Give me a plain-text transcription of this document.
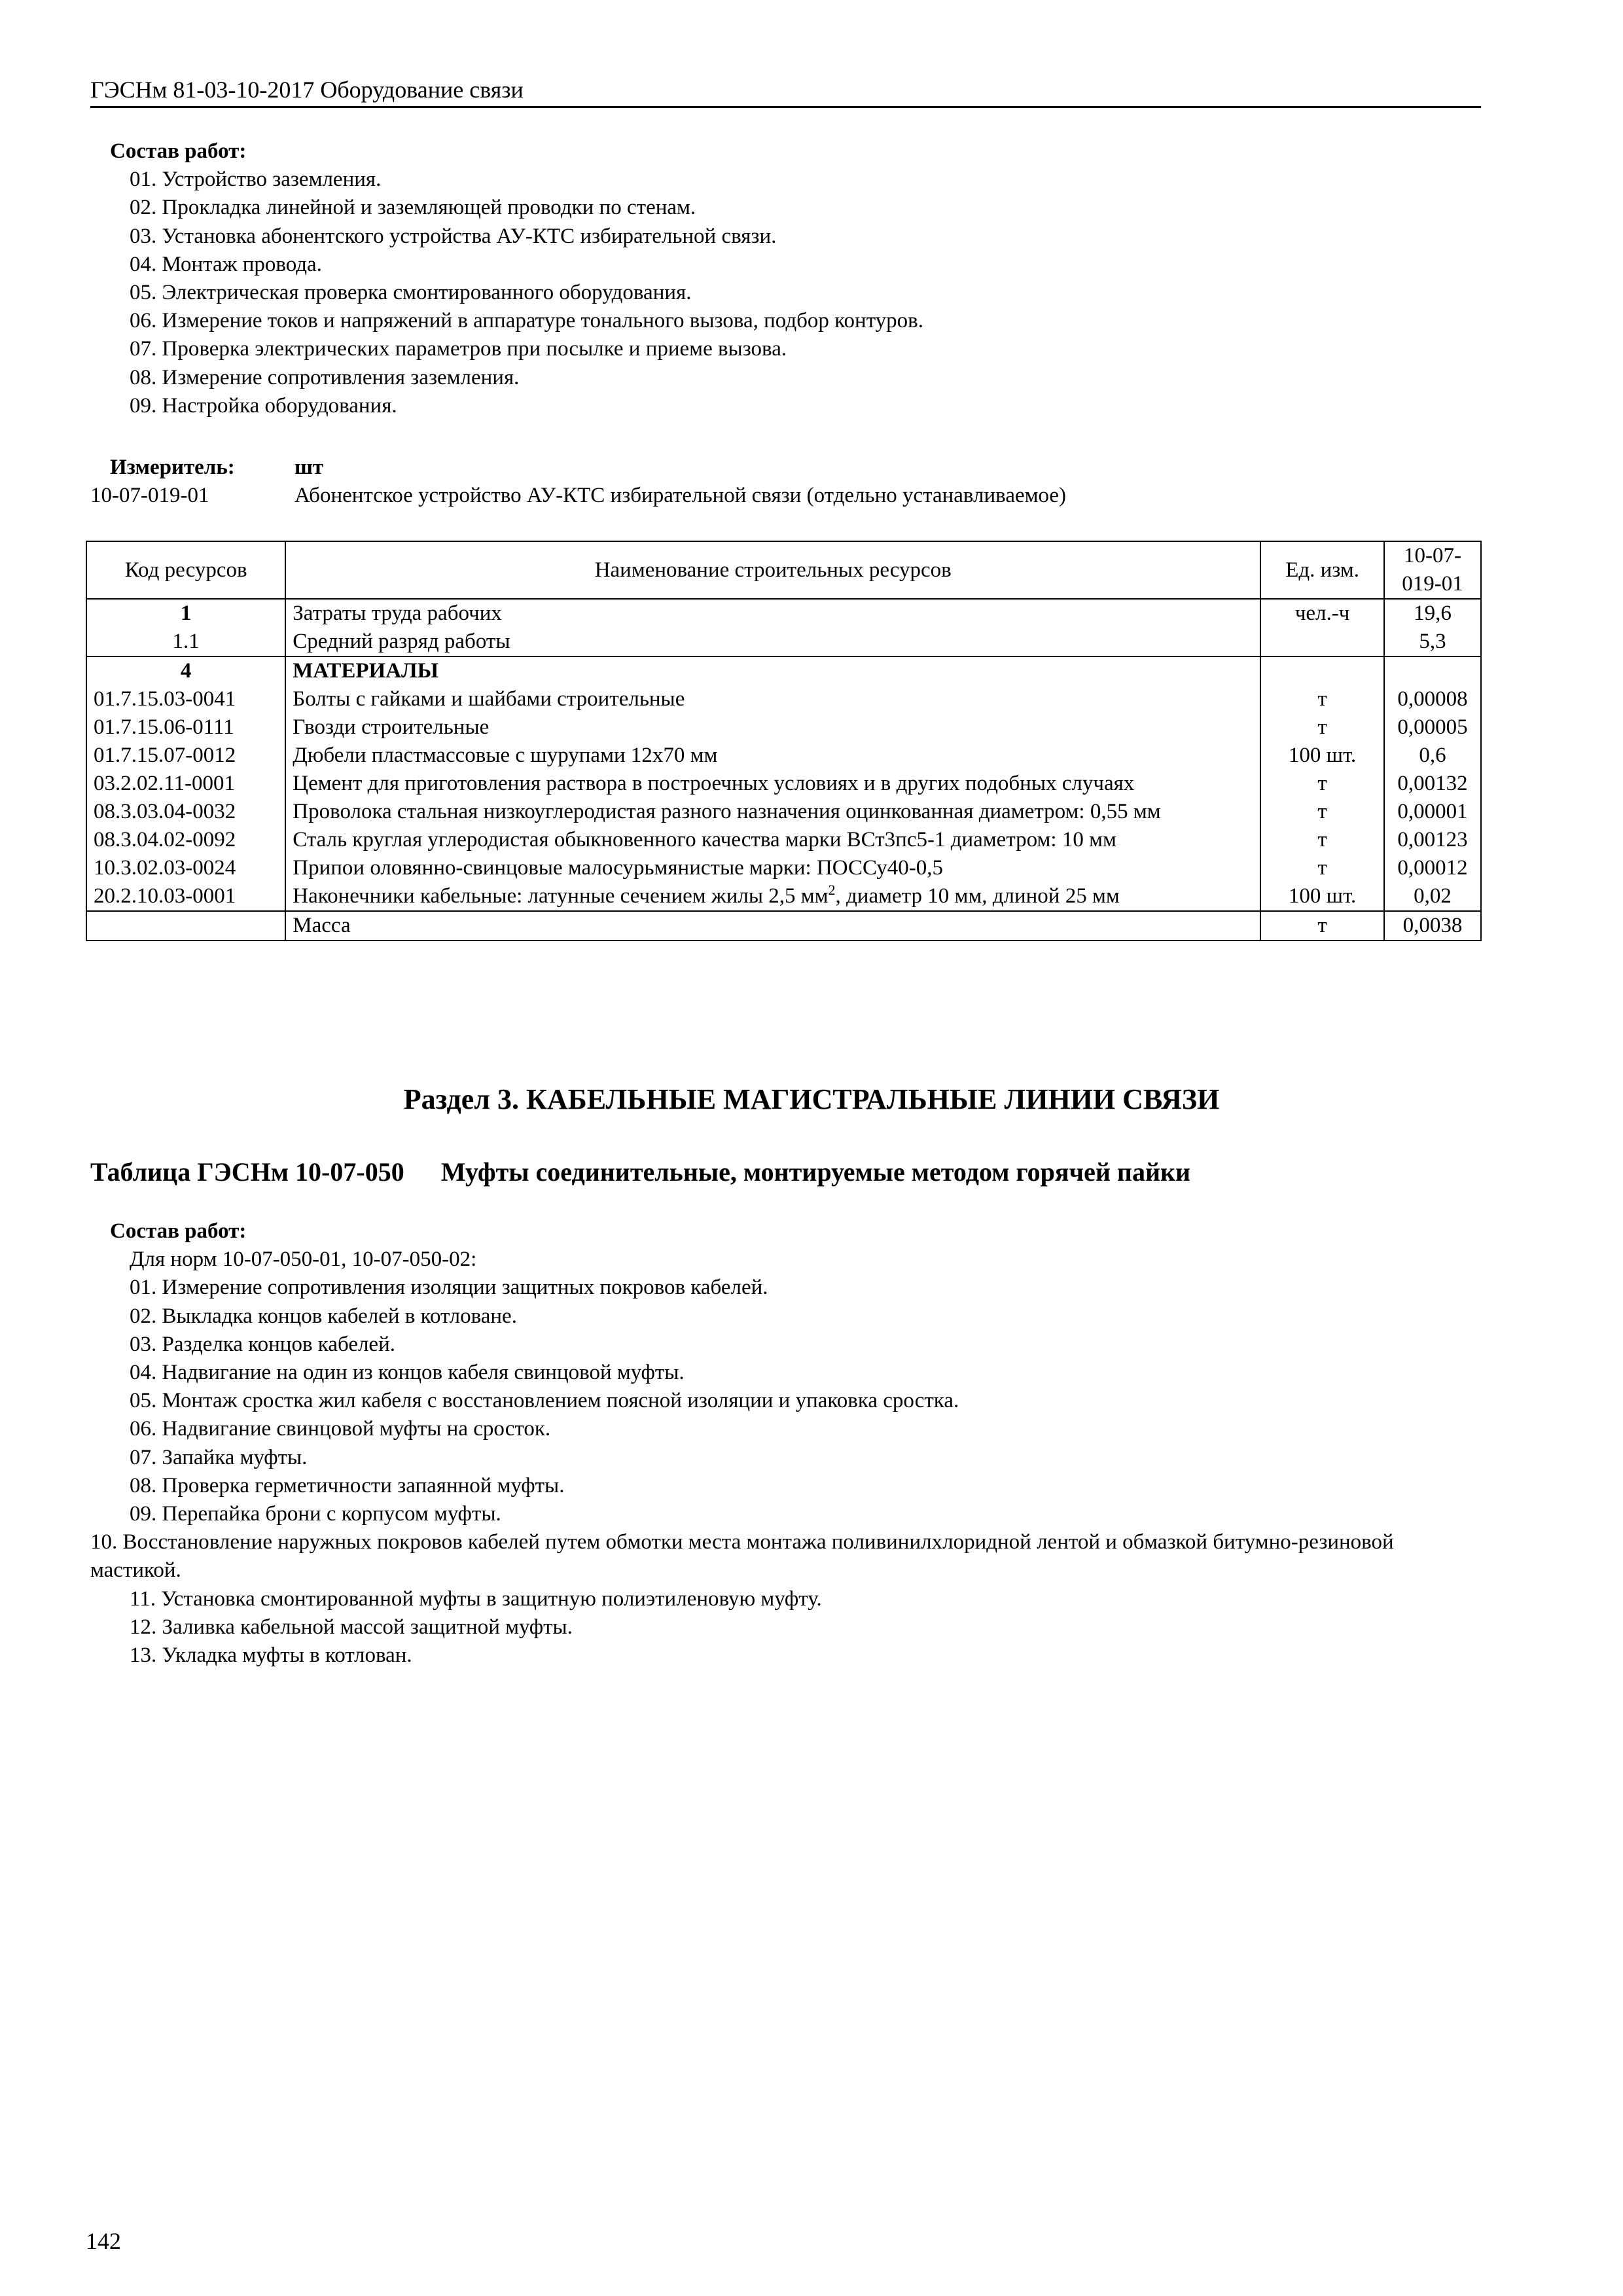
ГЭСНм 81-03-10-2017 Оборудование связи
Состав работ:
01. Устройство заземления.
02. Прокладка линейной и заземляющей проводки по стенам.
03. Установка абонентского устройства АУ-КТС избирательной связи.
04. Монтаж провода.
05. Электрическая проверка смонтированного оборудования.
06. Измерение токов и напряжений в аппаратуре тонального вызова, подбор контуров.
07. Проверка электрических параметров при посылке и приеме вызова.
08. Измерение сопротивления заземления.
09. Настройка оборудования.
Измеритель:	шт
10-07-019-01	Абонентское устройство АУ-КТС избирательной связи (отдельно устанавливаемое)
Код ресурсов	Наименование строительных ресурсов	Ед. изм.	10-07-019-01
1	Затраты труда рабочих	чел.-ч	19,6
1.1	Средний разряд работы		5,3
4	МАТЕРИАЛЫ		
01.7.15.03-0041	Болты с гайками и шайбами строительные	т	0,00008
01.7.15.06-0111	Гвозди строительные	т	0,00005
01.7.15.07-0012	Дюбели пластмассовые с шурупами 12х70 мм	100 шт.	0,6
03.2.02.11-0001	Цемент для приготовления раствора в построечных условиях и в других подобных случаях	т	0,00132
08.3.03.04-0032	Проволока стальная низкоуглеродистая разного назначения оцинкованная диаметром: 0,55 мм	т	0,00001
08.3.04.02-0092	Сталь круглая углеродистая обыкновенного качества марки ВСт3пс5-1 диаметром: 10 мм	т	0,00123
10.3.02.03-0024	Припои оловянно-свинцовые малосурьмянистые марки: ПОССу40-0,5	т	0,00012
20.2.10.03-0001	Наконечники кабельные: латунные сечением жилы 2,5 $мм^2$, диаметр 10 мм, длиной 25 мм	100 шт.	0,02
	Масса	т	0,0038
Раздел 3. КАБЕЛЬНЫЕ МАГИСТРАЛЬНЫЕ ЛИНИИ СВЯЗИ
Таблица ГЭСНм 10-07-050 Муфты соединительные, монтируемые методом горячей пайки
Состав работ:
Для норм 10-07-050-01, 10-07-050-02:
01. Измерение сопротивления изоляции защитных покровов кабелей.
02. Выкладка концов кабелей в котловане.
03. Разделка концов кабелей.
04. Надвигание на один из концов кабеля свинцовой муфты.
05. Монтаж сростка жил кабеля с восстановлением поясной изоляции и упаковка сростка.
06. Надвигание свинцовой муфты на сросток.
07. Запайка муфты.
08. Проверка герметичности запаянной муфты.
09. Перепайка брони с корпусом муфты.
10. Восстановление наружных покровов кабелей путем обмотки места монтажа поливинилхлоридной лентой и обмазкой битумно-резиновой мастикой.
11. Установка смонтированной муфты в защитную полиэтиленовую муфту.
12. Заливка кабельной массой защитной муфты.
13. Укладка муфты в котлован.
142
